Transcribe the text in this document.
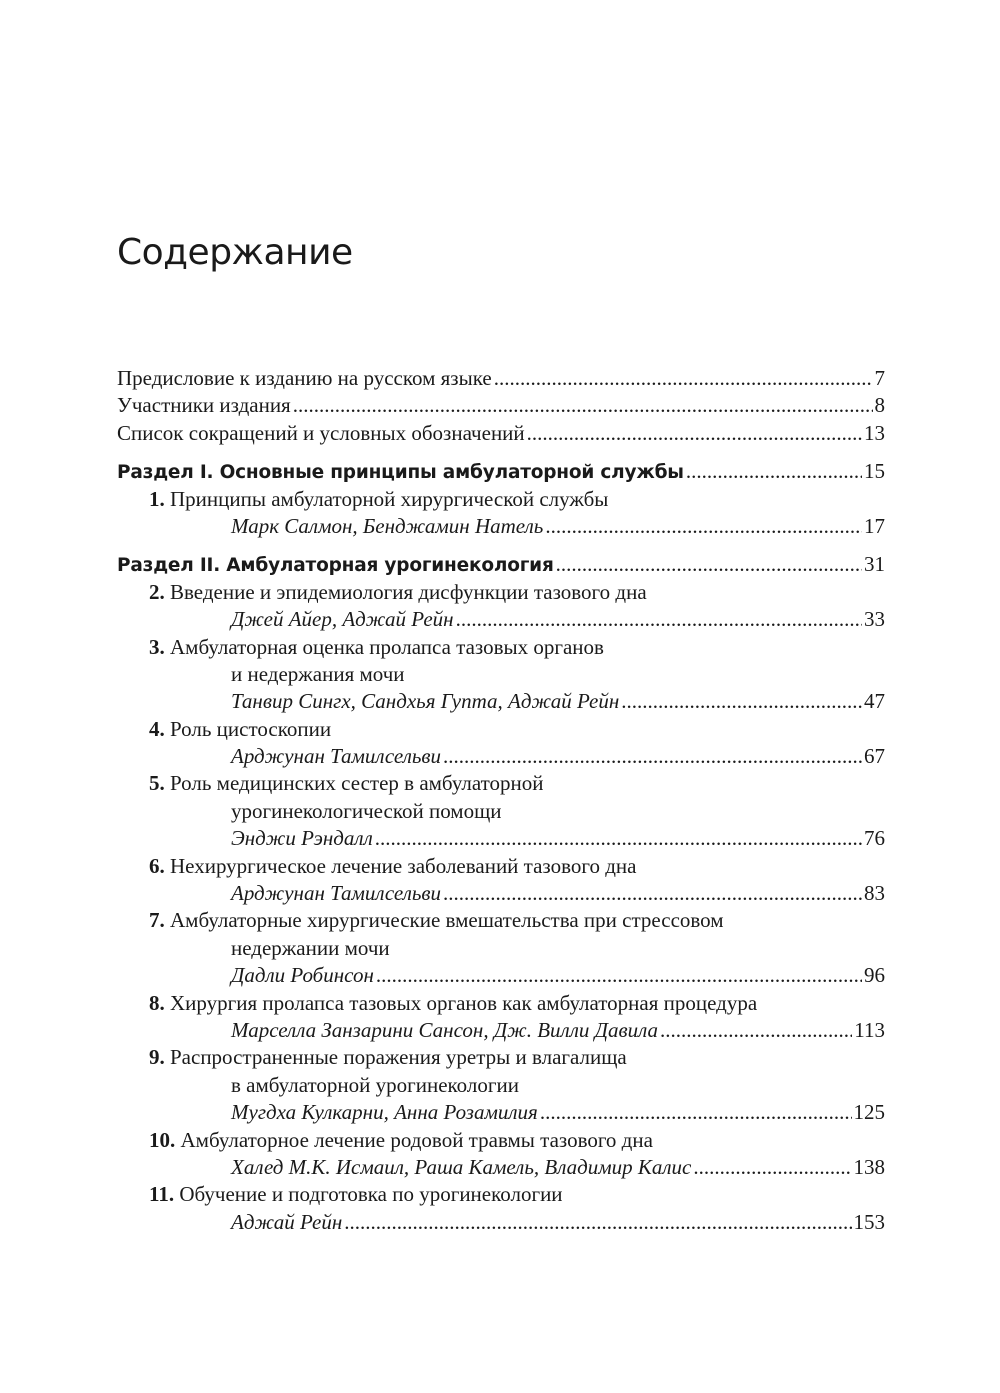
Содержание
Предисловие к изданию на русском языке .....	7
Участники издания .....	8
Список сокращений и условных обозначений .....	13
Раздел I. Основные принципы амбулаторной службы .....	15
1. Принципы амбулаторной хирургической службы
Марк Салмон, Бенджамин Натель .....	17
Раздел II. Амбулаторная урогинекология .....	31
2. Введение и эпидемиология дисфункции тазового дна
Джей Айер, Аджай Рейн .....	33
3. Амбулаторная оценка пролапса тазовых органов
и недержания мочи
Танвир Сингх, Сандхья Гупта, Аджай Рейн .....	47
4. Роль цистоскопии
Арджунан Тамилсельви .....	67
5. Роль медицинских сестер в амбулаторной
урогинекологической помощи
Энджи Рэндалл .....	76
6. Нехирургическое лечение заболеваний тазового дна
Арджунан Тамилсельви .....	83
7. Амбулаторные хирургические вмешательства при стрессовом
недержании мочи
Дадли Робинсон .....	96
8. Хирургия пролапса тазовых органов как амбулаторная процедура
Марселла Занзарини Сансон, Дж. Вилли Давила .....	113
9. Распространенные поражения уретры и влагалища
в амбулаторной урогинекологии
Мугдха Кулкарни, Анна Розамилия .....	125
10. Амбулаторное лечение родовой травмы тазового дна
Халед М.К. Исмаил, Раша Камель, Владимир Калис .....	138
11. Обучение и подготовка по урогинекологии
Аджай Рейн .....	153
